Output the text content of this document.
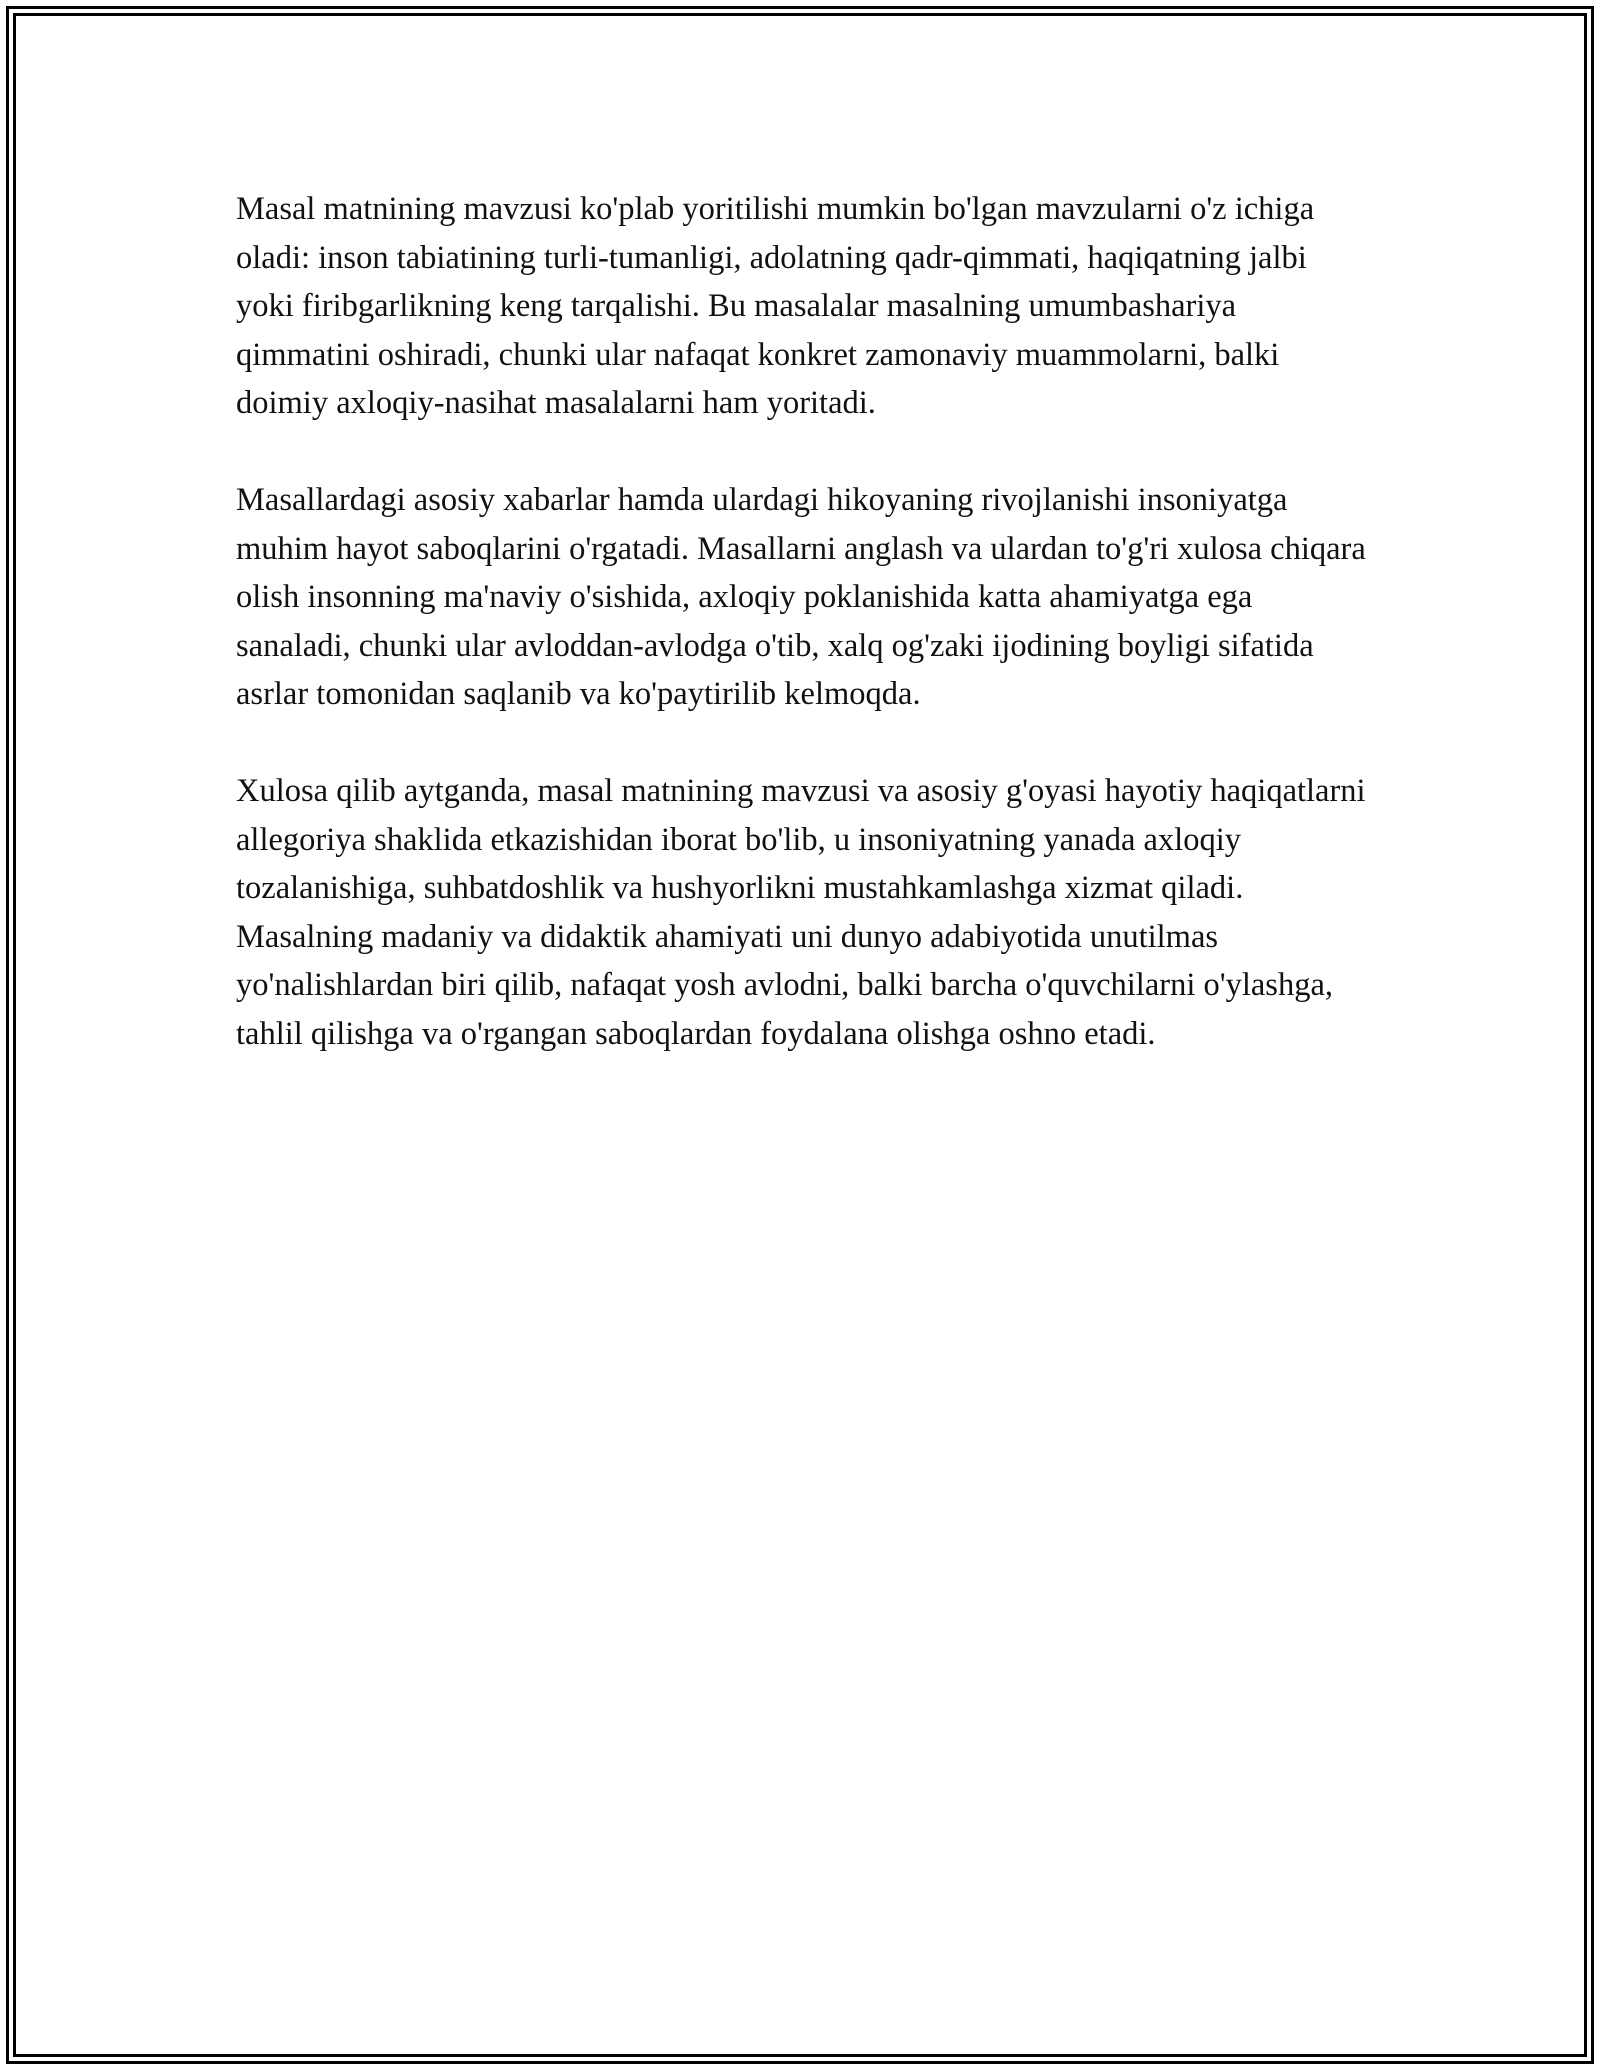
Masal matnining mavzusi ko'plab yoritilishi mumkin bo'lgan mavzularni o'z ichiga oladi: inson tabiatining turli-tumanligi, adolatning qadr-qimmati, haqiqatning jalbi yoki firibgarlikning keng tarqalishi. Bu masalalar masalning umumbashariya qimmatini oshiradi, chunki ular nafaqat konkret zamonaviy muammolarni, balki doimiy axloqiy-nasihat masalalarni ham yoritadi.

Masallardagi asosiy xabarlar hamda ulardagi hikoyaning rivojlanishi insoniyatga muhim hayot saboqlarini o'rgatadi. Masallarni anglash va ulardan to'g'ri xulosa chiqara olish insonning ma'naviy o'sishida, axloqiy poklanishida katta ahamiyatga ega sanaladi, chunki ular avloddan-avlodga o'tib, xalq og'zaki ijodining boyligi sifatida asrlar tomonidan saqlanib va ko'paytirilib kelmoqda.

Xulosa qilib aytganda, masal matnining mavzusi va asosiy g'oyasi hayotiy haqiqatlarni allegoriya shaklida etkazishidan iborat bo'lib, u insoniyatning yanada axloqiy tozalanishiga, suhbatdoshlik va hushyorlikni mustahkamlashga xizmat qiladi. Masalning madaniy va didaktik ahamiyati uni dunyo adabiyotida unutilmas yo'nalishlardan biri qilib, nafaqat yosh avlodni, balki barcha o'quvchilarni o'ylashga, tahlil qilishga va o'rgangan saboqlardan foydalana olishga oshno etadi.
